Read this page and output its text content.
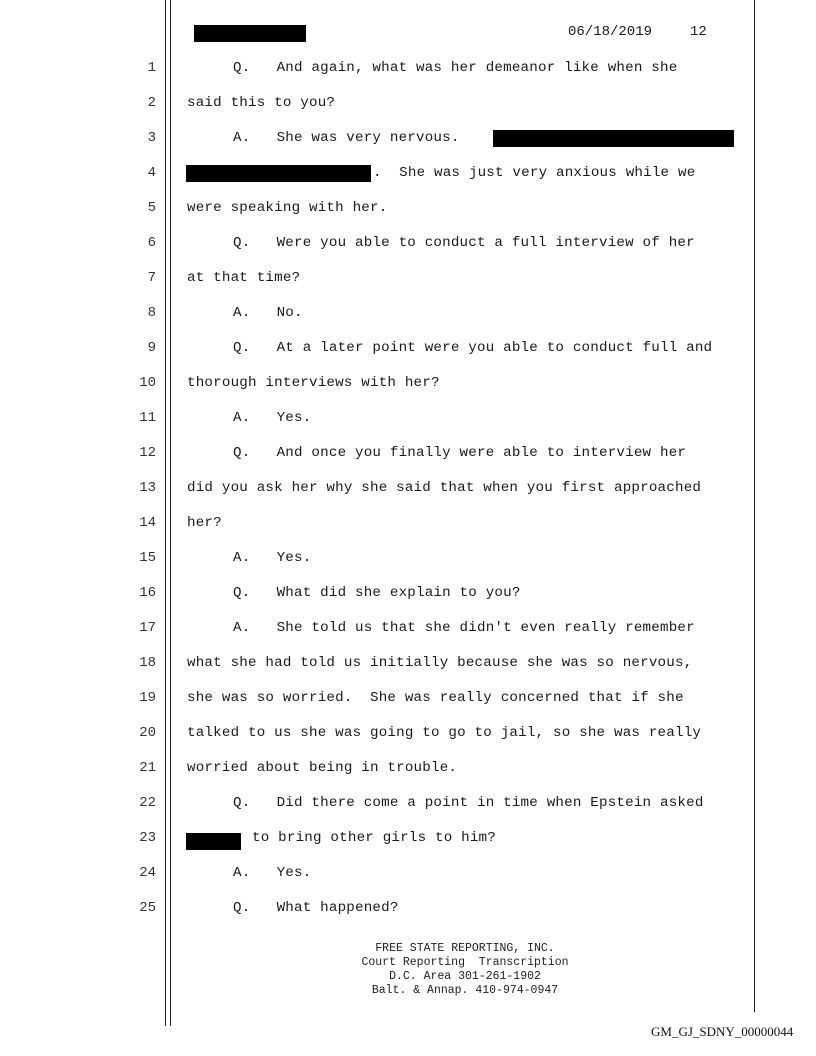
06/18/2019	12
1
2
3
4
5
6
7
8
9
10
11
12
13
14
15
16
17
18
19
20
21
22
23
24
25
Q.   And again, what was her demeanor like when she
said this to you?
A.   She was very nervous.
.  She was just very anxious while we
were speaking with her.
Q.   Were you able to conduct a full interview of her
at that time?
A.   No.
Q.   At a later point were you able to conduct full and
thorough interviews with her?
A.   Yes.
Q.   And once you finally were able to interview her
did you ask her why she said that when you first approached
her?
A.   Yes.
Q.   What did she explain to you?
A.   She told us that she didn't even really remember
what she had told us initially because she was so nervous,
she was so worried.  She was really concerned that if she
talked to us she was going to go to jail, so she was really
worried about being in trouble.
Q.   Did there come a point in time when Epstein asked
to bring other girls to him?
A.   Yes.
Q.   What happened?
FREE STATE REPORTING, INC.
Court Reporting  Transcription
D.C. Area 301-261-1902
Balt. & Annap. 410-974-0947
GM_GJ_SDNY_00000044
